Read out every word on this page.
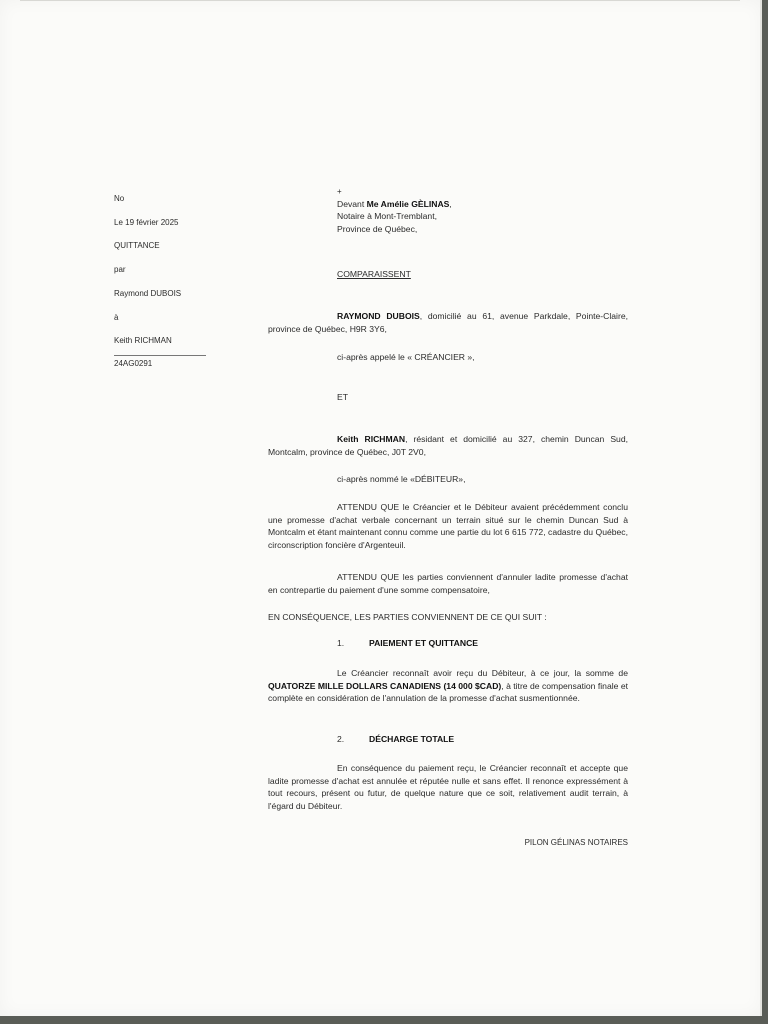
No
Le 19 février 2025
QUITTANCE
par
Raymond DUBOIS
à
Keith RICHMAN
24AG0291
+
Devant Me Amélie GÈLINAS,
Notaire à Mont-Tremblant,
Province de Québec,
COMPARAISSENT

RAYMOND DUBOIS, domicilié au 61, avenue Parkdale, Pointe-Claire, province de Québec, H9R 3Y6,

ci-après appelé le « CRÉANCIER »,
ET

Keith RICHMAN, résidant et domicilié au 327, chemin Duncan Sud, Montcalm, province de Québec, J0T 2V0,

ci-après nommé le «DÉBITEUR»,

ATTENDU QUE le Créancier et le Débiteur avaient précédemment conclu une promesse d'achat verbale concernant un terrain situé sur le chemin Duncan Sud à Montcalm et étant maintenant connu comme une partie du lot 6 615 772, cadastre du Québec, circonscription foncière d'Argenteuil.

ATTENDU QUE les parties conviennent d'annuler ladite promesse d'achat en contrepartie du paiement d'une somme compensatoire,

EN CONSÉQUENCE, LES PARTIES CONVIENNENT DE CE QUI SUIT :

1.	PAIEMENT ET QUITTANCE

Le Créancier reconnaît avoir reçu du Débiteur, à ce jour, la somme de QUATORZE MILLE DOLLARS CANADIENS (14 000 $CAD), à titre de compensation finale et complète en considération de l'annulation de la promesse d'achat susmentionnée.

2.	DÉCHARGE TOTALE

En conséquence du paiement reçu, le Créancier reconnaît et accepte que ladite promesse d'achat est annulée et réputée nulle et sans effet. Il renonce expressément à tout recours, présent ou futur, de quelque nature que ce soit, relativement audit terrain, à l'égard du Débiteur.

PILON GÉLINAS NOTAIRES
